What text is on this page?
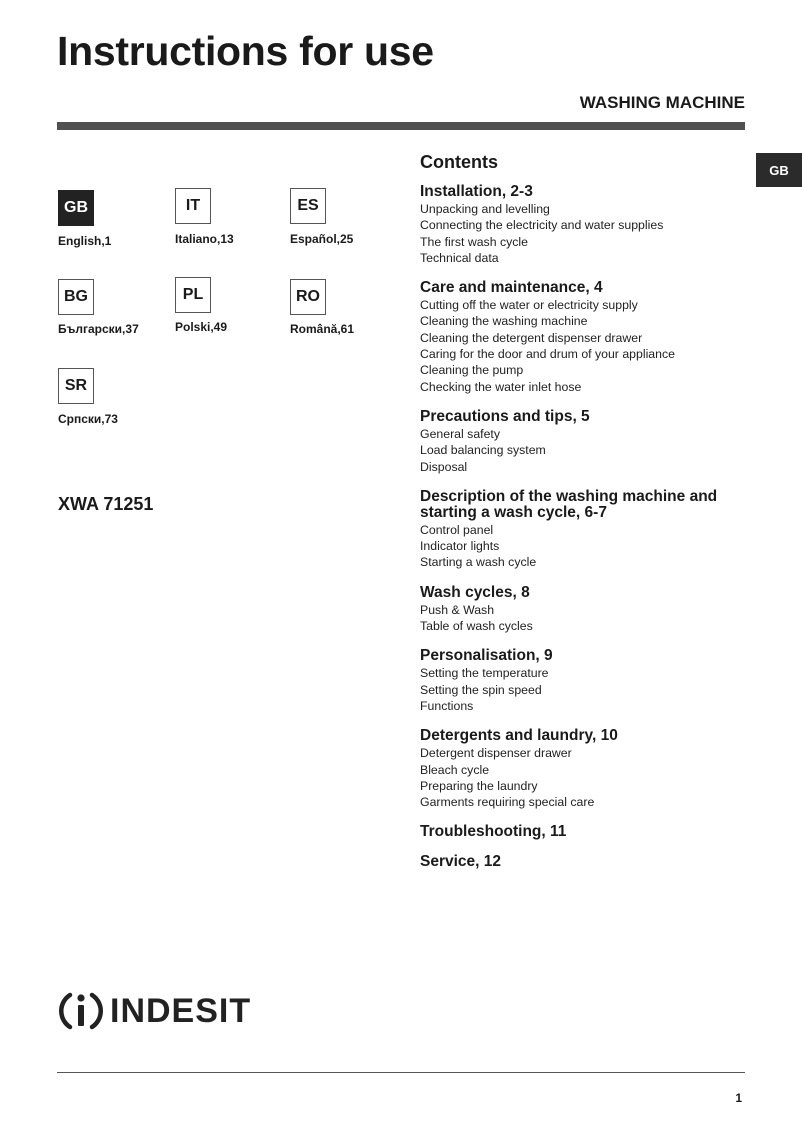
Instructions for use
WASHING MACHINE
GB
GB
English,1
IT
Italiano,13
ES
Español,25
BG
Български,37
PL
Polski,49
RO
Română,61
SR
Српски,73
XWA 71251
Contents
Installation, 2-3
Unpacking and levelling
Connecting the electricity and water supplies
The first wash cycle
Technical data
Care and maintenance, 4
Cutting off the water or electricity supply
Cleaning the washing machine
Cleaning the detergent dispenser drawer
Caring for the door and drum of your appliance
Cleaning the pump
Checking the water inlet hose
Precautions and tips, 5
General safety
Load balancing system
Disposal
Description of the washing machine and starting a wash cycle, 6-7
Control panel
Indicator lights
Starting a wash cycle
Wash cycles, 8
Push & Wash
Table of wash cycles
Personalisation, 9
Setting the temperature
Setting the spin speed
Functions
Detergents and laundry, 10
Detergent dispenser drawer
Bleach cycle
Preparing the laundry
Garments requiring special care
Troubleshooting, 11
Service, 12
INDESIT
1
